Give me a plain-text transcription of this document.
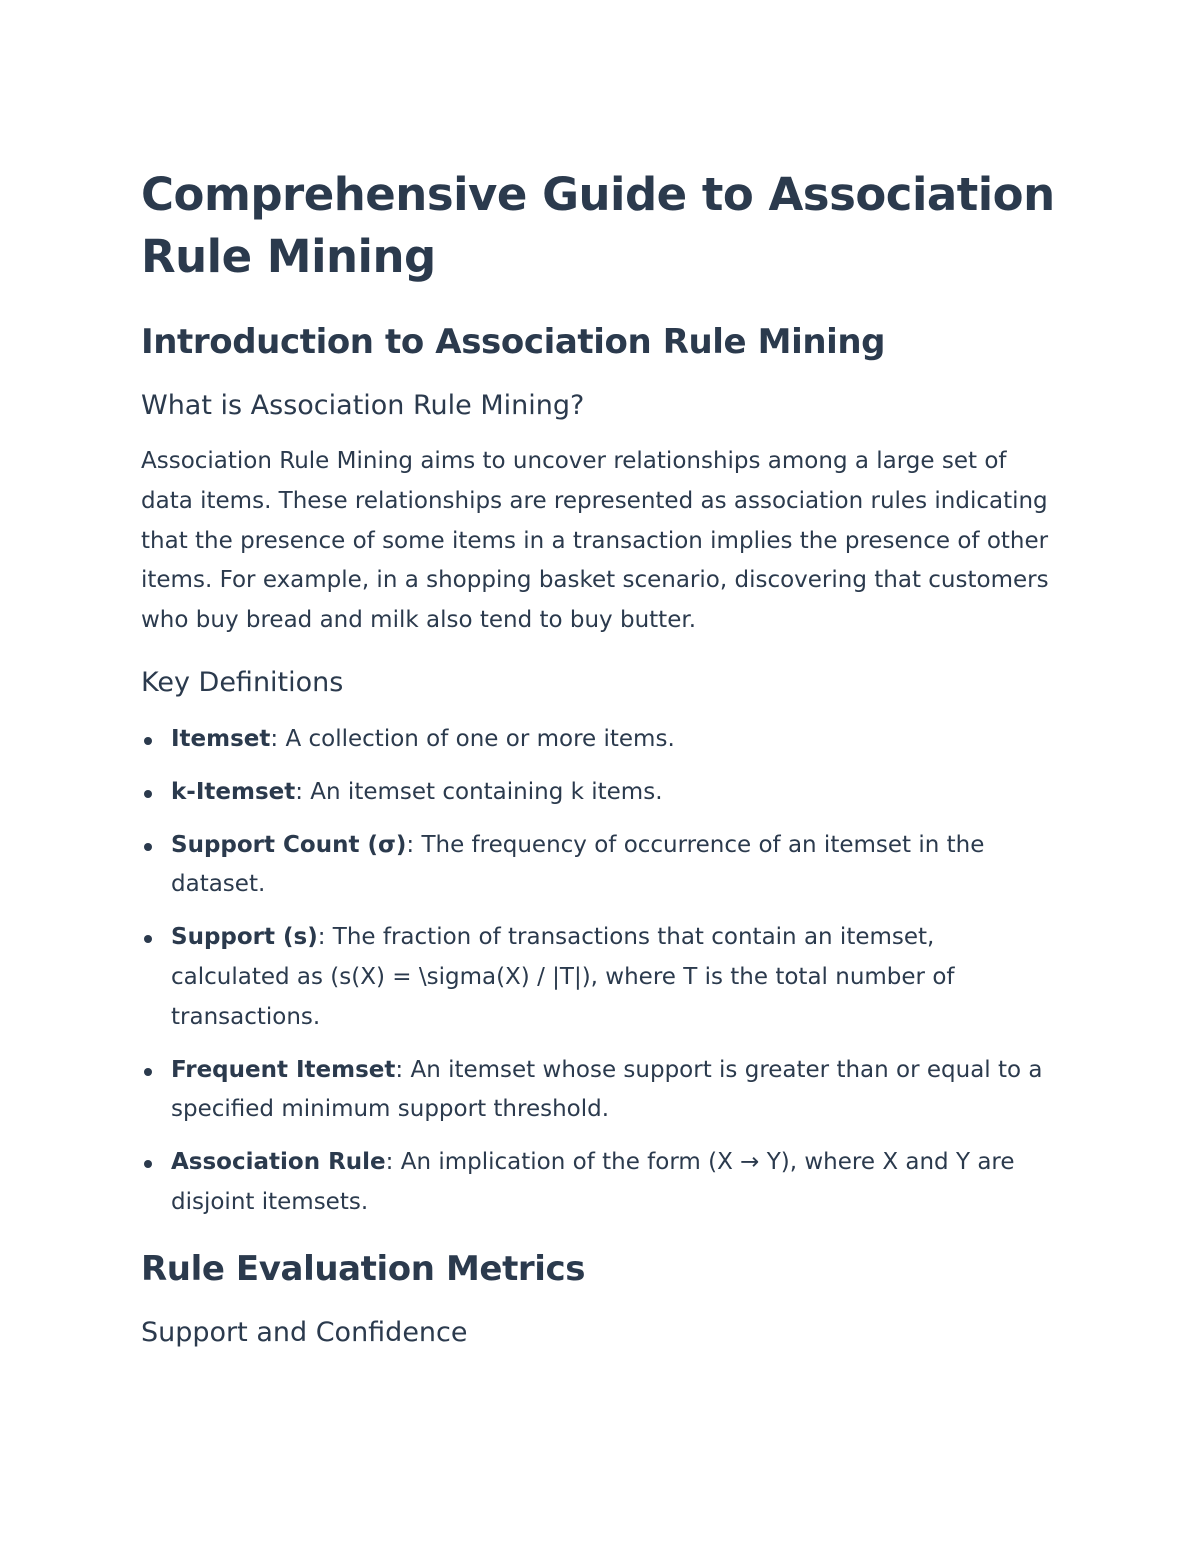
Comprehensive Guide to Association Rule Mining
Introduction to Association Rule Mining
What is Association Rule Mining?

Association Rule Mining aims to uncover relationships among a large set of data items. These relationships are represented as association rules indicating that the presence of some items in a transaction implies the presence of other items. For example, in a shopping basket scenario, discovering that customers who buy bread and milk also tend to buy butter.

Key Definitions
Itemset: A collection of one or more items.
k-Itemset: An itemset containing k items.
Support Count (σ): The frequency of occurrence of an itemset in the dataset.
Support (s): The fraction of transactions that contain an itemset, calculated as (s(X) = \sigma(X) / |T|), where T is the total number of transactions.
Frequent Itemset: An itemset whose support is greater than or equal to a specified minimum support threshold.
Association Rule: An implication of the form (X → Y), where X and Y are disjoint itemsets.
Rule Evaluation Metrics
Support and Confidence
